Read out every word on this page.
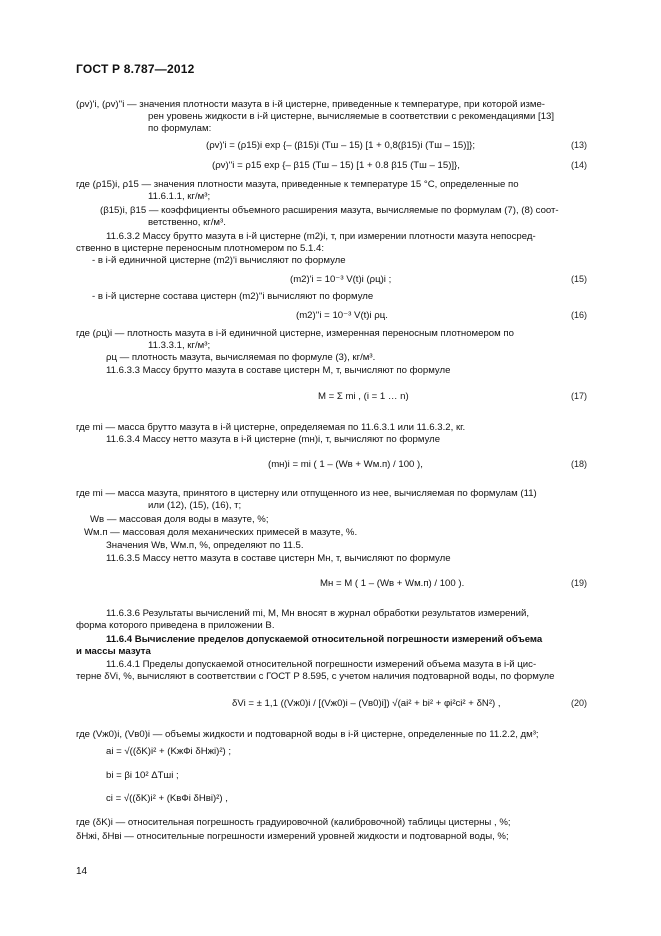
ГОСТ Р 8.787—2012
(ρv)'i, (ρv)''i — значения плотности мазута в i-й цистерне, приведенные к температуре, при которой изме-
рен уровень жидкости в i-й цистерне, вычисляемые в соответствии с рекомендациями [13]
по формулам:
(ρv)'i = (ρ15)i exp {– (β15)i (Tш – 15) [1 + 0,8(β15)i (Tш – 15)]};	(13)
(ρv)''i = ρ15 exp {– β15 (Tш – 15) [1 + 0.8 β15 (Tш – 15)]},	(14)
где (ρ15)i, ρ15 — значения плотности мазута, приведенные к температуре 15 °С, определенные по
11.6.1.1, кг/м³;
(β15)i, β15 — коэффициенты объемного расширения мазута, вычисляемые по формулам (7), (8) соот-
ветственно, кг/м³.
11.6.3.2 Массу брутто мазута в i-й цистерне (m2)i, т, при измерении плотности мазута непосред-
ственно в цистерне переносным плотномером по 5.1.4:
- в i-й единичной цистерне (m2)'i вычисляют по формуле
(m2)'i = 10⁻³ V(t)i (ρц)i ;	(15)
- в i-й цистерне состава цистерн (m2)''i вычисляют по формуле
(m2)''i = 10⁻³ V(t)i ρц.	(16)
где (ρц)i — плотность мазута в i-й единичной цистерне, измеренная переносным плотномером по
11.3.3.1, кг/м³;
ρц — плотность мазута, вычисляемая по формуле (3), кг/м³.
11.6.3.3 Массу брутто мазута в составе цистерн М, т, вычисляют по формуле
M = Σ mi , (i = 1 … n)	(17)
где mi — масса брутто мазута в i-й цистерне, определяемая по 11.6.3.1 или 11.6.3.2, кг.
11.6.3.4 Массу нетто мазута в i-й цистерне (mн)i, т, вычисляют по формуле
(mн)i = mi ( 1 – (Wв + Wм.п) / 100 ),	(18)
где mi — масса мазута, принятого в цистерну или отпущенного из нее, вычисляемая по формулам (11)
или (12), (15), (16), т;
Wв — массовая доля воды в мазуте, %;
Wм.п — массовая доля механических примесей в мазуте, %.
Значения Wв, Wм.п, %, определяют по 11.5.
11.6.3.5 Массу нетто мазута в составе цистерн Мн, т, вычисляют по формуле
Mн = M ( 1 – (Wв + Wм.п) / 100 ).	(19)
11.6.3.6 Результаты вычислений mi, M, Mн вносят в журнал обработки результатов измерений,
форма которого приведена в приложении В.
11.6.4 Вычисление пределов допускаемой относительной погрешности измерений объема
и массы мазута
11.6.4.1 Пределы допускаемой относительной погрешности измерений объема мазута в i-й цис-
терне δVi, %, вычисляют в соответствии с ГОСТ Р 8.595, с учетом наличия подтоварной воды, по формуле
δVi = ± 1,1 ((Vж0)i / [(Vж0)i – (Vв0)i]) √(ai² + bi² + φi²ci² + δN²) ,	(20)
где (Vж0)i, (Vв0)i — объемы жидкости и подтоварной воды в i-й цистерне, определенные по 11.2.2, дм³;
ai = √((δK)i² + (KжФi δHжi)²) ;
bi = βi 10² ΔTшi ;
ci = √((δK)i² + (KвФi δHвi)²) ,
где (δK)i — относительная погрешность градуировочной (калибровочной) таблицы цистерны , %;
δHжi, δHвi — относительные погрешности измерений уровней жидкости и подтоварной воды, %;
14
